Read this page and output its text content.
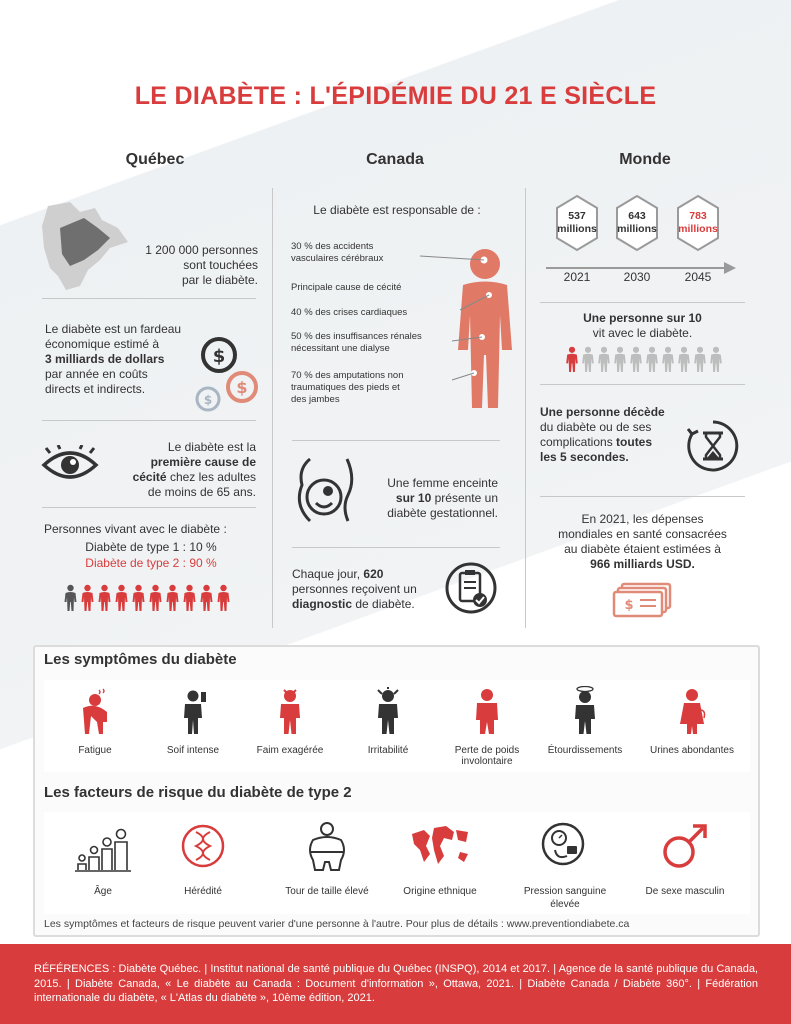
LE DIABÈTE : L'ÉPIDÉMIE DU 21 E SIÈCLE
Québec	Canada	Monde
1 200 000 personnes
sont touchées
par le diabète.
Le diabète est un fardeau
économique estimé à
3 milliards de dollars
par année en coûts
directs et indirects.
$
$
$
Le diabète est la
première cause de
cécité chez les adultes
de moins de 65 ans.
Personnes vivant avec le diabète :
Diabète de type 1 : 10 %
Diabète de type 2 : 90 %
Le diabète est responsable de :
30 % des accidents
vasculaires cérébraux
Principale cause de cécité
40 % des crises cardiaques
50 % des insuffisances rénales
nécessitant une dialyse
70 % des amputations non
traumatiques des pieds et
des jambes
Une femme enceinte
sur 10 présente un
diabète gestationnel.
Chaque jour, 620
personnes reçoivent un
diagnostic de diabète.
537
millions
643
millions
783
millions
2021	2030	2045
Une personne sur 10
vit avec le diabète.
Une personne décède
du diabète ou de ses
complications toutes
les 5 secondes.
En 2021, les dépenses
mondiales en santé consacrées
au diabète étaient estimées à
966 milliards USD.
$
Les symptômes du diabète
Fatigue	Soif intense	Faim exagérée	Irritabilité	Perte de poids involontaire
Étourdissements	Urines abondantes
Les facteurs de risque du diabète de type 2
Âge	Hérédité	Tour de taille élevé	Origine ethnique	Pression sanguine élevée
De sexe masculin
Les symptômes et facteurs de risque peuvent varier d'une personne à l'autre. Pour plus de détails : www.preventiondiabete.ca
RÉFÉRENCES : Diabète Québec. | Institut national de santé publique du Québec (INSPQ), 2014 et 2017. | Agence de la santé publique du Canada, 2015. | Diabète Canada, « Le diabète au Canada : Document d'information », Ottawa, 2021. | Diabète Canada / Diabète 360°. | Fédération internationale du diabète, « L'Atlas du diabète », 10ème édition, 2021.
